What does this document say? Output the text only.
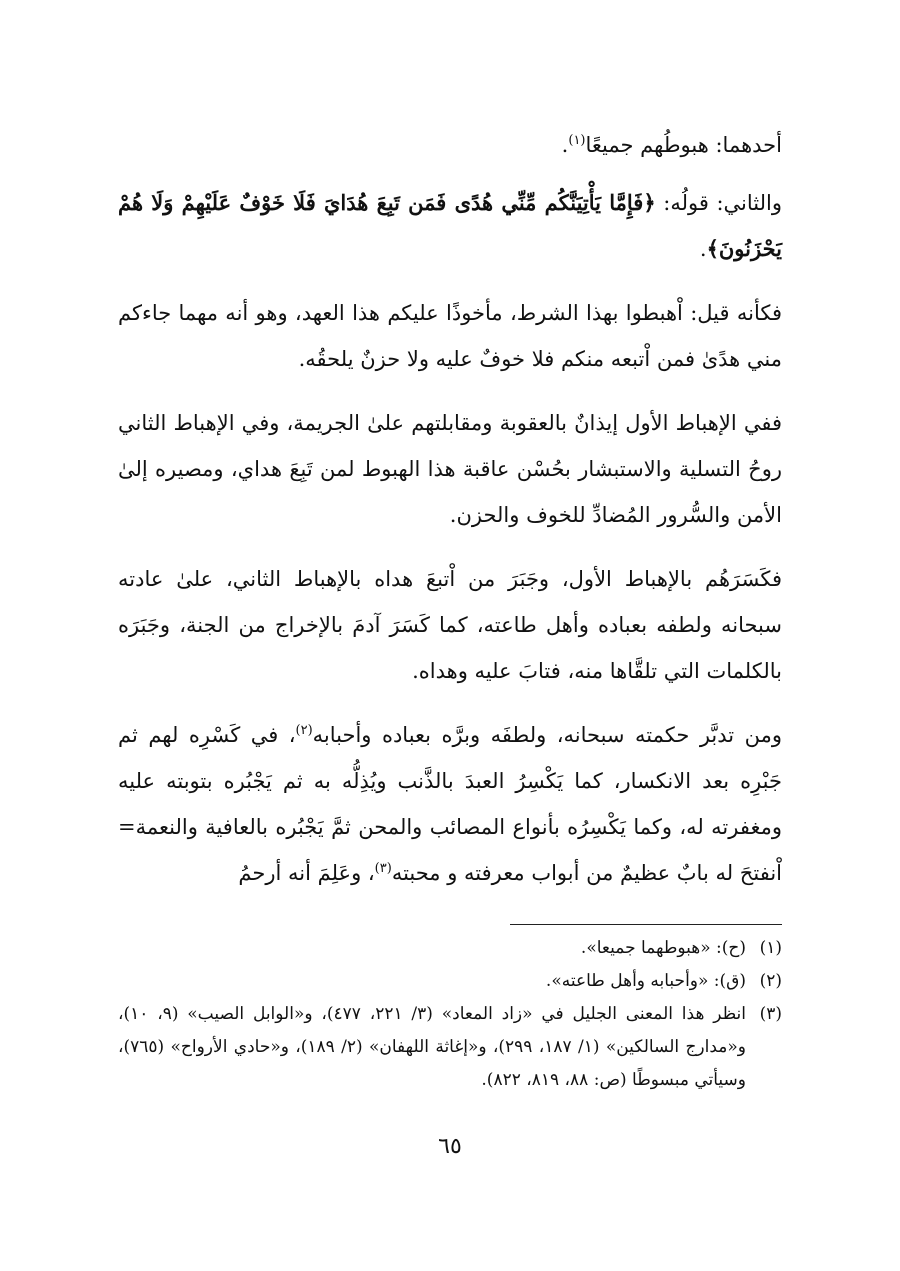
أحدهما: هبوطُهم جميعًا$^{(١)}$.

والثاني: قولُه: ﴿فَإِمَّا يَأْتِيَنَّكُم مِّنِّي هُدًى فَمَن تَبِعَ هُدَايَ فَلَا خَوْفٌ عَلَيْهِمْ وَلَا هُمْ يَحْزَنُونَ﴾.

فكأنه قيل: اْهبطوا بهذا الشرط، مأخوذًا عليكم هذا العهد، وهو أنه مهما جاءكم مني هدًىٰ فمن اْتبعه منكم فلا خوفٌ عليه ولا حزنٌ يلحقُه.

ففي الإهباط الأول إيذانٌ بالعقوبة ومقابلتهم علىٰ الجريمة، وفي الإهباط الثاني روحُ التسلية والاستبشار بحُسْن عاقبة هذا الهبوط لمن تَبِعَ هداي، ومصيره إلىٰ الأمن والسُّرور المُضادِّ للخوف والحزن.

فكَسَرَهُم بالإهباط الأول، وجَبَرَ من اْتبعَ هداه بالإهباط الثاني، علىٰ عادته سبحانه ولطفه بعباده وأهل طاعته، كما كَسَرَ آدمَ بالإخراج من الجنة، وجَبَرَه بالكلمات التي تلقَّاها منه، فتابَ عليه وهداه.

ومن تدبَّر حكمته سبحانه، ولطفَه وبرَّه بعباده وأحبابه$^{(٢)}$، في كَسْرِه لهم ثم جَبْرِه بعد الانكسار، كما يَكْسِرُ العبدَ بالذَّنب ويُذِلُّه به ثم يَجْبُره بتوبته عليه ومغفرته له، وكما يَكْسِرُه بأنواع المصائب والمحن ثمَّ يَجْبُره بالعافية والنعمة= اْنفتحَ له بابٌ عظيمٌ من أبواب معرفته و محبته$^{(٣)}$، وعَلِمَ أنه أرحمُ

(١)
(ح): «هبوطهما جميعا».
(٢)
(ق): «وأحبابه وأهل طاعته».
(٣)
انظر هذا المعنى الجليل في «زاد المعاد» (٣/ ٢٢١، ٤٧٧)، و«الوابل الصيب» (٩، ١٠)، و«مدارج السالكين» (١/ ١٨٧، ٢٩٩)، و«إغاثة اللهفان» (٢/ ١٨٩)، و«حادي الأرواح» (٧٦٥)، وسيأتي مبسوطًا (ص: ٨٨، ٨١٩، ٨٢٢).
٦٥
